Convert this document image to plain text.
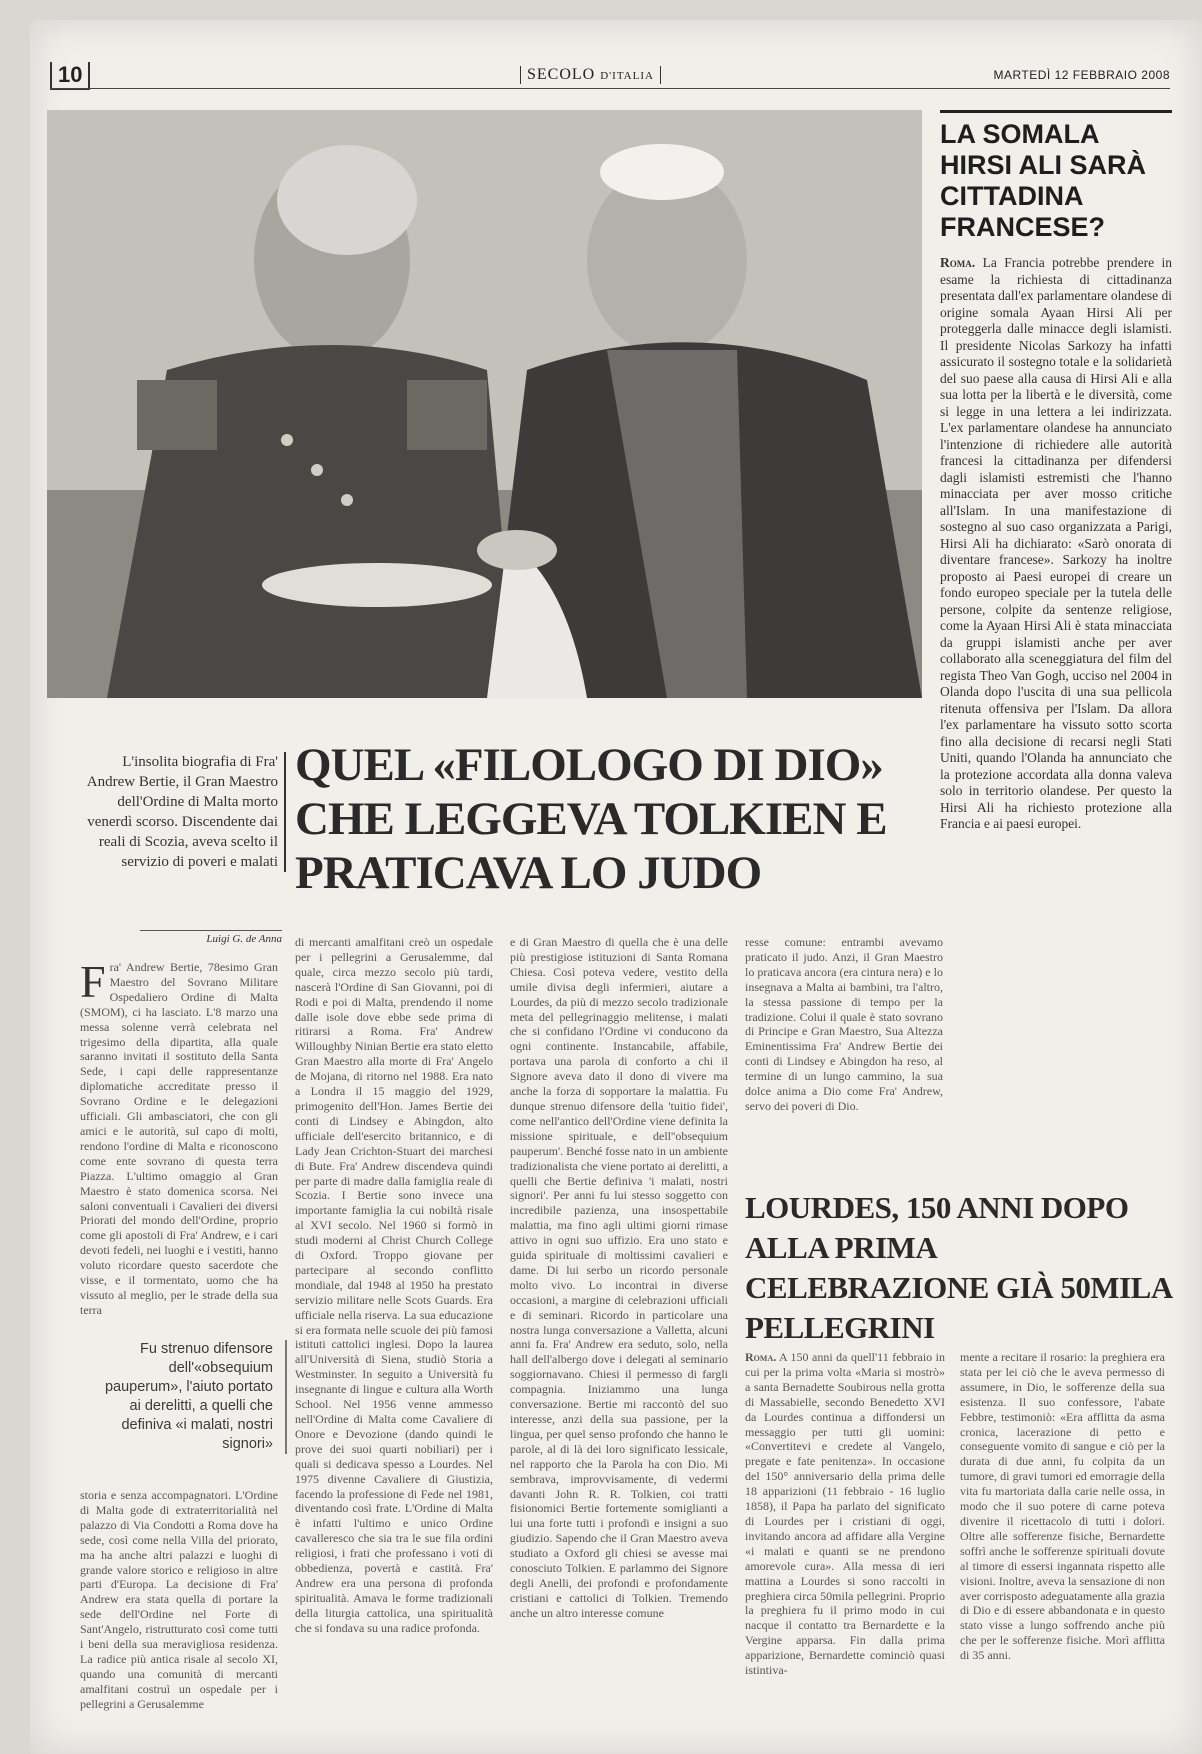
10	SECOLO D'ITALIA	MARTEDÌ 12 FEBBRAIO 2008
LA SOMALA HIRSI ALI SARÀ CITTADINA FRANCESE?
Roma. La Francia potrebbe prendere in esame la richiesta di cittadinanza presentata dall'ex parlamentare olandese di origine somala Ayaan Hirsi Ali per proteggerla dalle minacce degli islamisti. Il presidente Nicolas Sarkozy ha infatti assicurato il sostegno totale e la solidarietà del suo paese alla causa di Hirsi Ali e alla sua lotta per la libertà e le diversità, come si legge in una lettera a lei indirizzata. L'ex parlamentare olandese ha annunciato l'intenzione di richiedere alle autorità francesi la cittadinanza per difendersi dagli islamisti estremisti che l'hanno minacciata per aver mosso critiche all'Islam. In una manifestazione di sostegno al suo caso organizzata a Parigi, Hirsi Ali ha dichiarato: «Sarò onorata di diventare francese». Sarkozy ha inoltre proposto ai Paesi europei di creare un fondo europeo speciale per la tutela delle persone, colpite da sentenze religiose, come la Ayaan Hirsi Ali è stata minacciata da gruppi islamisti anche per aver collaborato alla sceneggiatura del film del regista Theo Van Gogh, ucciso nel 2004 in Olanda dopo l'uscita di una sua pellicola ritenuta offensiva per l'Islam. Da allora l'ex parlamentare ha vissuto sotto scorta fino alla decisione di recarsi negli Stati Uniti, quando l'Olanda ha annunciato che la protezione accordata alla donna valeva solo in territorio olandese. Per questo la Hirsi Ali ha richiesto protezione alla Francia e ai paesi europei.
L'insolita biografia di Fra' Andrew Bertie, il Gran Maestro dell'Ordine di Malta morto venerdì scorso. Discendente dai reali di Scozia, aveva scelto il servizio di poveri e malati
QUEL «FILOLOGO DI DIO» CHE LEGGEVA TOLKIEN E PRATICAVA LO JUDO
Luigi G. de Anna
F ra' Andrew Bertie, 78esimo Gran Maestro del Sovrano Militare Ospedaliero Ordine di Malta (SMOM), ci ha lasciato. L'8 marzo una messa solenne verrà celebrata nel trigesimo della dipartita, alla quale saranno invitati il sostituto della Santa Sede, i capi delle rappresentanze diplomatiche accreditate presso il Sovrano Ordine e le delegazioni ufficiali. Gli ambasciatori, che con gli amici e le autorità, sul capo di molti, rendono l'ordine di Malta e riconoscono come ente sovrano di questa terra Piazza. L'ultimo omaggio al Gran Maestro è stato domenica scorsa. Nei saloni conventuali i Cavalieri dei diversi Priorati del mondo dell'Ordine, proprio come gli apostoli di Fra' Andrew, e i cari devoti fedeli, nei luoghi e i vestiti, hanno voluto ricordare questo sacerdote che visse, e il tormentato, uomo che ha vissuto al meglio, per le strade della sua terra

Fu strenuo difensore dell'«obsequium pauperum», l'aiuto portato ai derelitti, a quelli che definiva «i malati, nostri signori»

storia e senza accompagnatori. L'Ordine di Malta gode di extraterritorialità nel palazzo di Via Condotti a Roma dove ha sede, così come nella Villa del priorato, ma ha anche altri palazzi e luoghi di grande valore storico e religioso in altre parti d'Europa. La decisione di Fra' Andrew era stata quella di portare la sede dell'Ordine nel Forte di Sant'Angelo, ristrutturato così come tutti i beni della sua meravigliosa residenza. La radice più antica risale al secolo XI, quando una comunità di mercanti amalfitani costruì un ospedale per i pellegrini a Gerusalemme

di mercanti amalfitani creò un ospedale per i pellegrini a Gerusalemme, dal quale, circa mezzo secolo più tardi, nascerà l'Ordine di San Giovanni, poi di Rodi e poi di Malta, prendendo il nome dalle isole dove ebbe sede prima di ritirarsi a Roma. Fra' Andrew Willoughby Ninian Bertie era stato eletto Gran Maestro alla morte di Fra' Angelo de Mojana, di ritorno nel 1988. Era nato a Londra il 15 maggio del 1929, primogenito dell'Hon. James Bertie dei conti di Lindsey e Abingdon, alto ufficiale dell'esercito britannico, e di Lady Jean Crichton-Stuart dei marchesi di Bute. Fra' Andrew discendeva quindi per parte di madre dalla famiglia reale di Scozia. I Bertie sono invece una importante famiglia la cui nobiltà risale al XVI secolo. Nel 1960 si formò in studi moderni al Christ Church College di Oxford. Troppo giovane per partecipare al secondo conflitto mondiale, dal 1948 al 1950 ha prestato servizio militare nelle Scots Guards. Era ufficiale nella riserva. La sua educazione si era formata nelle scuole dei più famosi istituti cattolici inglesi. Dopo la laurea all'Università di Siena, studiò Storia a Westminster. In seguito a Università fu insegnante di lingue e cultura alla Worth School. Nel 1956 venne ammesso nell'Ordine di Malta come Cavaliere di Onore e Devozione (dando quindi le prove dei suoi quarti nobiliari) per i quali si dedicava spesso a Lourdes. Nel 1975 divenne Cavaliere di Giustizia, facendo la professione di Fede nel 1981, diventando così frate. L'Ordine di Malta è infatti l'ultimo e unico Ordine cavalleresco che sia tra le sue fila ordini religiosi, i frati che professano i voti di obbedienza, povertà e castità. Fra' Andrew era una persona di profonda spiritualità. Amava le forme tradizionali della liturgia cattolica, una spiritualità che si fondava su una radice profonda.

e di Gran Maestro di quella che è una delle più prestigiose istituzioni di Santa Romana Chiesa. Così poteva vedere, vestito della umile divisa degli infermieri, aiutare a Lourdes, da più di mezzo secolo tradizionale meta del pellegrinaggio melitense, i malati che si confidano l'Ordine vi conducono da ogni continente. Instancabile, affabile, portava una parola di conforto a chi il Signore aveva dato il dono di vivere ma anche la forza di sopportare la malattia. Fu dunque strenuo difensore della 'tuitio fidei', come nell'antico dell'Ordine viene definita la missione spirituale, e dell''obsequium pauperum'. Benché fosse nato in un ambiente tradizionalista che viene portato ai derelitti, a quelli che Bertie definiva 'i malati, nostri signori'. Per anni fu lui stesso soggetto con incredibile pazienza, una insospettabile malattia, ma fino agli ultimi giorni rimase attivo in ogni suo uffizio. Era uno stato e guida spirituale di moltissimi cavalieri e dame. Di lui serbo un ricordo personale molto vivo. Lo incontrai in diverse occasioni, a margine di celebrazioni ufficiali e di seminari. Ricordo in particolare una nostra lunga conversazione a Valletta, alcuni anni fa. Fra' Andrew era seduto, solo, nella hall dell'albergo dove i delegati al seminario soggiornavano. Chiesi il permesso di fargli compagnia. Iniziammo una lunga conversazione. Bertie mi raccontò del suo interesse, anzi della sua passione, per la lingua, per quel senso profondo che hanno le parole, al di là dei loro significato lessicale, nel rapporto che la Parola ha con Dio. Mi sembrava, improvvisamente, di vedermi davanti John R. R. Tolkien, coi tratti fisionomici Bertie fortemente somiglianti a lui una forte tutti i profondi e insigni a suo giudizio. Sapendo che il Gran Maestro aveva studiato a Oxford gli chiesi se avesse mai conosciuto Tolkien. E parlammo dei Signore degli Anelli, dei profondi e profondamente cristiani e cattolici di Tolkien. Tremendo anche un altro interesse comune

resse comune: entrambi avevamo praticato il judo. Anzi, il Gran Maestro lo praticava ancora (era cintura nera) e lo insegnava a Malta ai bambini, tra l'altro, la stessa passione di tempo per la tradizione. Colui il quale è stato sovrano di Principe e Gran Maestro, Sua Altezza Eminentissima Fra' Andrew Bertie dei conti di Lindsey e Abingdon ha reso, al termine di un lungo cammino, la sua dolce anima a Dio come Fra' Andrew, servo dei poveri di Dio.

LOURDES, 150 ANNI DOPO ALLA PRIMA CELEBRAZIONE GIÀ 50MILA PELLEGRINI

Roma. A 150 anni da quell'11 febbraio in cui per la prima volta «Maria si mostrò» a santa Bernadette Soubirous nella grotta di Massabielle, secondo Benedetto XVI da Lourdes continua a diffondersi un messaggio per tutti gli uomini: «Convertitevi e credete al Vangelo, pregate e fate penitenza». In occasione del 150° anniversario della prima delle 18 apparizioni (11 febbraio - 16 luglio 1858), il Papa ha parlato del significato di Lourdes per i cristiani di oggi, invitando ancora ad affidare alla Vergine «i malati e quanti se ne prendono amorevole cura». Alla messa di ieri mattina a Lourdes si sono raccolti in preghiera circa 50mila pellegrini. Proprio la preghiera fu il primo modo in cui nacque il contatto tra Bernardette e la Vergine apparsa. Fin dalla prima apparizione, Bernardette cominciò quasi istintiva-

mente a recitare il rosario: la preghiera era stata per lei ciò che le aveva permesso di assumere, in Dio, le sofferenze della sua esistenza. Il suo confessore, l'abate Febbre, testimoniò: «Era afflitta da asma cronica, lacerazione di petto e conseguente vomito di sangue e ciò per la durata di due anni, fu colpita da un tumore, di gravi tumori ed emorragie della vita fu martoriata dalla carie nelle ossa, in modo che il suo potere di carne poteva divenire il ricettacolo di tutti i dolori. Oltre alle sofferenze fisiche, Bernardette soffrì anche le sofferenze spirituali dovute al timore di essersi ingannata rispetto alle visioni. Inoltre, aveva la sensazione di non aver corrisposto adeguatamente alla grazia di Dio e di essere abbandonata e in questo stato visse a lungo soffrendo anche più che per le sofferenze fisiche. Morì afflitta di 35 anni.
